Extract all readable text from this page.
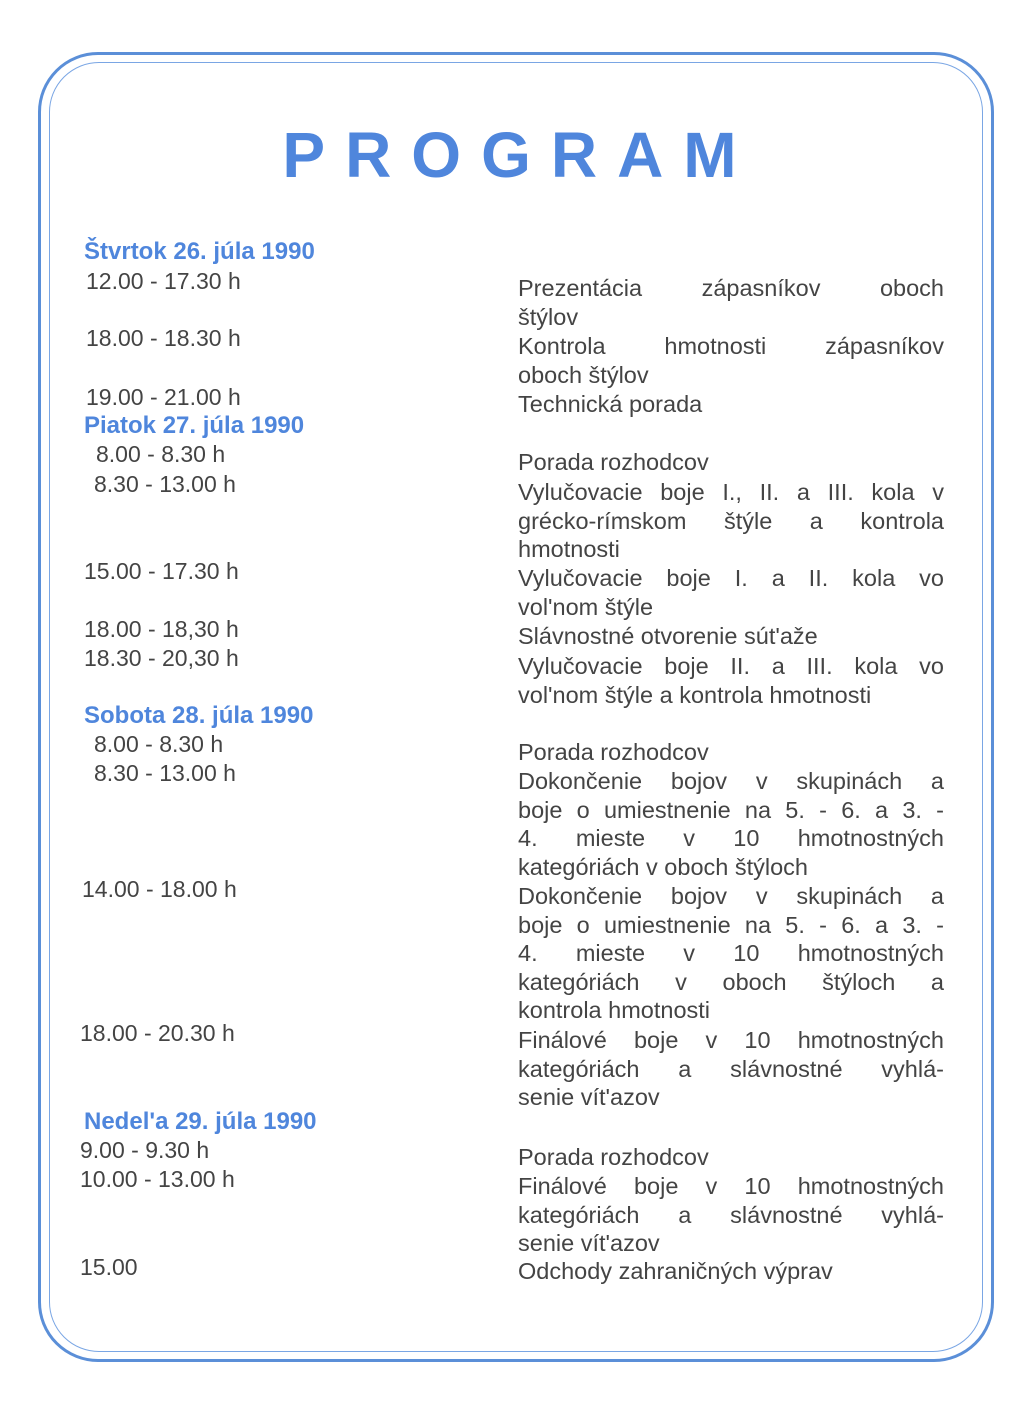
PROGRAM
Štvrtok 26. júla 1990
12.00 - 17.30 h	Prezentácia zápasníkov oboch
štýlov
18.00 - 18.30 h	Kontrola hmotnosti zápasníkov
oboch štýlov
19.00 - 21.00 h	Technická porada
Piatok 27. júla 1990
8.00 - 8.30 h	Porada rozhodcov
8.30 - 13.00 h	Vylučovacie boje I., II. a III. kola v
grécko-rímskom štýle a kontrola
hmotnosti
15.00 - 17.30 h	Vylučovacie boje I. a II. kola vo
vol'nom štýle
18.00 - 18,30 h	Slávnostné otvorenie sút'aže
18.30 - 20,30 h	Vylučovacie boje II. a III. kola vo
vol'nom štýle a kontrola hmotnosti
Sobota 28. júla 1990
8.00 - 8.30 h	Porada rozhodcov
8.30 - 13.00 h	Dokončenie bojov v skupinách a
boje o umiestnenie na 5. - 6. a 3. -
4. mieste v 10 hmotnostných
kategóriách v oboch štýloch
14.00 - 18.00 h	Dokončenie bojov v skupinách a
boje o umiestnenie na 5. - 6. a 3. -
4. mieste v 10 hmotnostných
kategóriách v oboch štýloch a
kontrola hmotnosti
18.00 - 20.30 h	Finálové boje v 10 hmotnostných
kategóriách a slávnostné vyhlá-
senie vít'azov
Nedel'a 29. júla 1990
9.00 - 9.30 h	Porada rozhodcov
10.00 - 13.00 h	Finálové boje v 10 hmotnostných
kategóriách a slávnostné vyhlá-
senie vít'azov
15.00	Odchody zahraničných výprav
